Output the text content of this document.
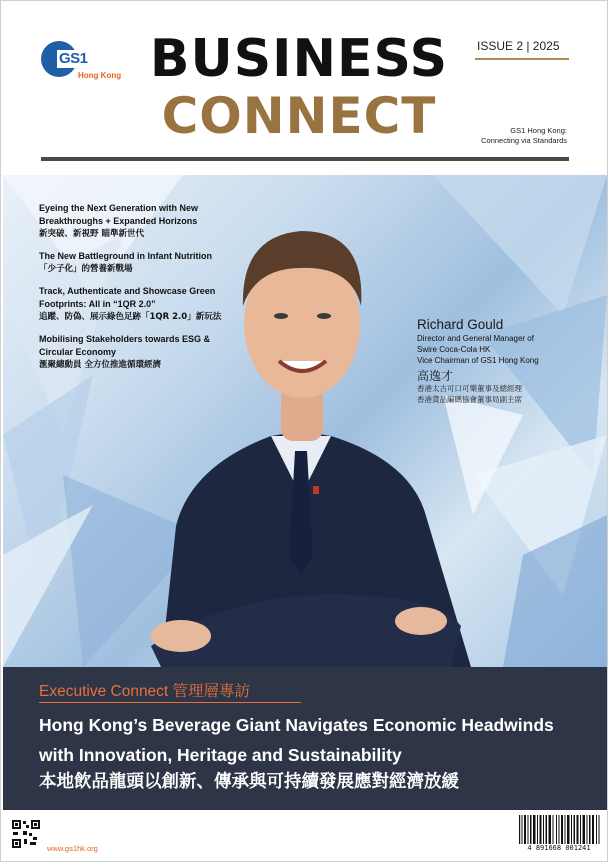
GS1
Hong Kong BUSINESS
CONNECT
ISSUE 2 | 2025
GS1 Hong Kong:
Connecting via Standards
Eyeing the Next Generation with New Breakthroughs + Expanded Horizons
新突破、新視野 瞄準新世代
The New Battleground in Infant Nutrition
「少子化」的營養新戰場
Track, Authenticate and Showcase Green Footprints: All in “1QR 2.0”
追蹤、防偽、展示綠色足跡「1QR 2.0」新玩法
Mobilising Stakeholders towards ESG & Circular Economy
滙聚總動員 全方位推進循環經濟
Richard Gould
Director and General Manager of
Swire Coca-Cola HK
Vice Chairman of GS1 Hong Kong
高逸才
香港太古可口可樂董事及總經理
香港貨品編碼協會董事局副主席
Executive Connect 管理層專訪
Hong Kong’s Beverage Giant Navigates Economic Headwinds with Innovation, Heritage and Sustainability
本地飲品龍頭以創新、傳承與可持續發展應對經濟放緩
www.gs1hk.org	4 891668 001241
